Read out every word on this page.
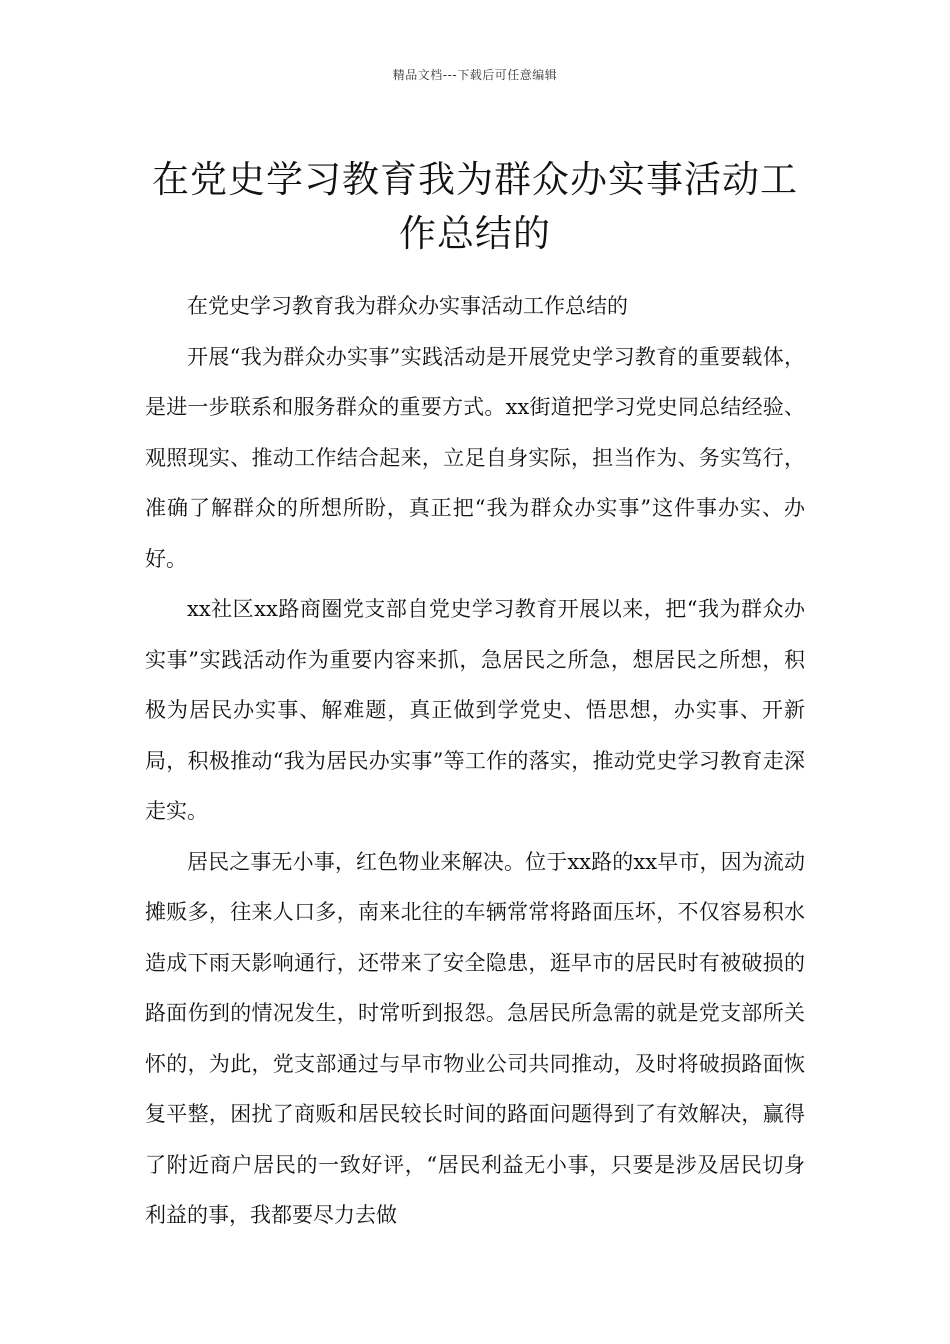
精品文档---下载后可任意编辑
在党史学习教育我为群众办实事活动工作总结的

在党史学习教育我为群众办实事活动工作总结的

开展“我为群众办实事”实践活动是开展党史学习教育的重要载体，是进一步联系和服务群众的重要方式。xx街道把学习党史同总结经验、观照现实、推动工作结合起来，立足自身实际，担当作为、务实笃行，准确了解群众的所想所盼，真正把“我为群众办实事”这件事办实、办好。

xx社区xx路商圈党支部自党史学习教育开展以来，把“我为群众办实事”实践活动作为重要内容来抓，急居民之所急，想居民之所想，积极为居民办实事、解难题，真正做到学党史、悟思想，办实事、开新局，积极推动“我为居民办实事”等工作的落实，推动党史学习教育走深走实。

居民之事无小事，红色物业来解决。位于xx路的xx早市，因为流动摊贩多，往来人口多，南来北往的车辆常常将路面压坏，不仅容易积水造成下雨天影响通行，还带来了安全隐患，逛早市的居民时有被破损的路面伤到的情况发生，时常听到报怨。急居民所急需的就是党支部所关怀的，为此，党支部通过与早市物业公司共同推动，及时将破损路面恢复平整，困扰了商贩和居民较长时间的路面问题得到了有效解决，赢得了附近商户居民的一致好评，“居民利益无小事，只要是涉及居民切身利益的事，我都要尽力去做
